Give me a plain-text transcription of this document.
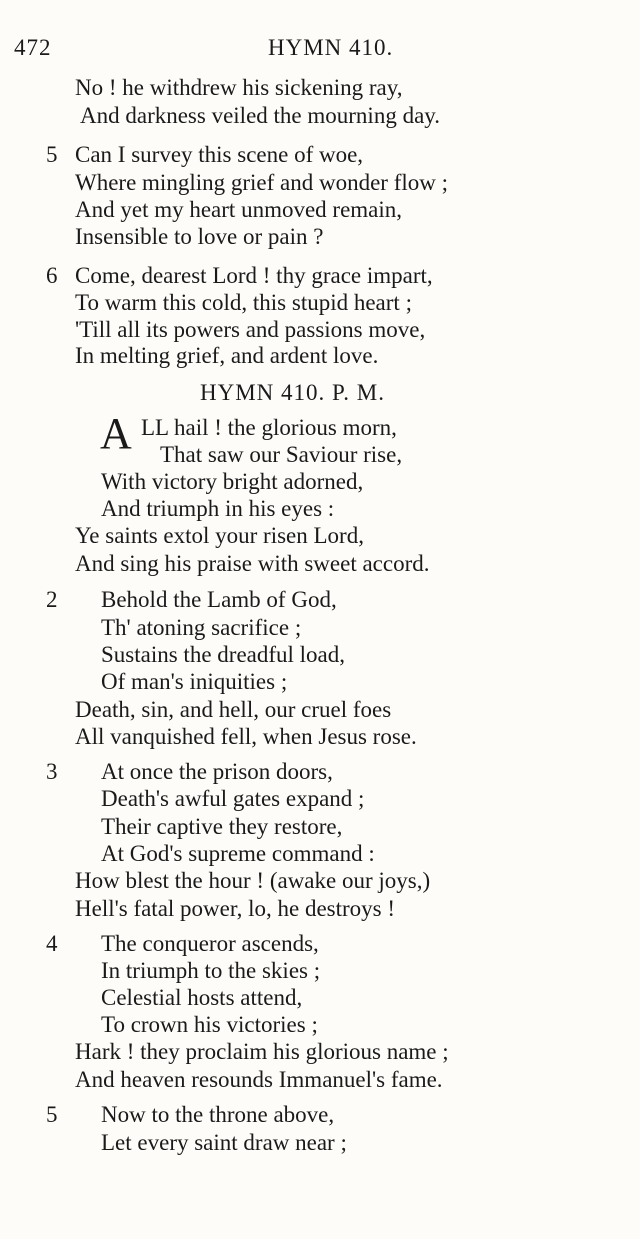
472	HYMN 410.
No ! he withdrew his sickening ray,
And darkness veiled the mourning day.
5 Can I survey this scene of woe,
Where mingling grief and wonder flow ;
And yet my heart unmoved remain,
Insensible to love or pain ?
6 Come, dearest Lord ! thy grace impart,
To warm this cold, this stupid heart ;
'Till all its powers and passions move,
In melting grief, and ardent love.
HYMN 410. P. M.
A LL hail ! the glorious morn,
That saw our Saviour rise,
With victory bright adorned,
And triumph in his eyes :
Ye saints extol your risen Lord,
And sing his praise with sweet accord.
2 Behold the Lamb of God,
Th' atoning sacrifice ;
Sustains the dreadful load,
Of man's iniquities ;
Death, sin, and hell, our cruel foes
All vanquished fell, when Jesus rose.
3 At once the prison doors,
Death's awful gates expand ;
Their captive they restore,
At God's supreme command :
How blest the hour ! (awake our joys,)
Hell's fatal power, lo, he destroys !
4 The conqueror ascends,
In triumph to the skies ;
Celestial hosts attend,
To crown his victories ;
Hark ! they proclaim his glorious name ;
And heaven resounds Immanuel's fame.
5 Now to the throne above,
Let every saint draw near ;
